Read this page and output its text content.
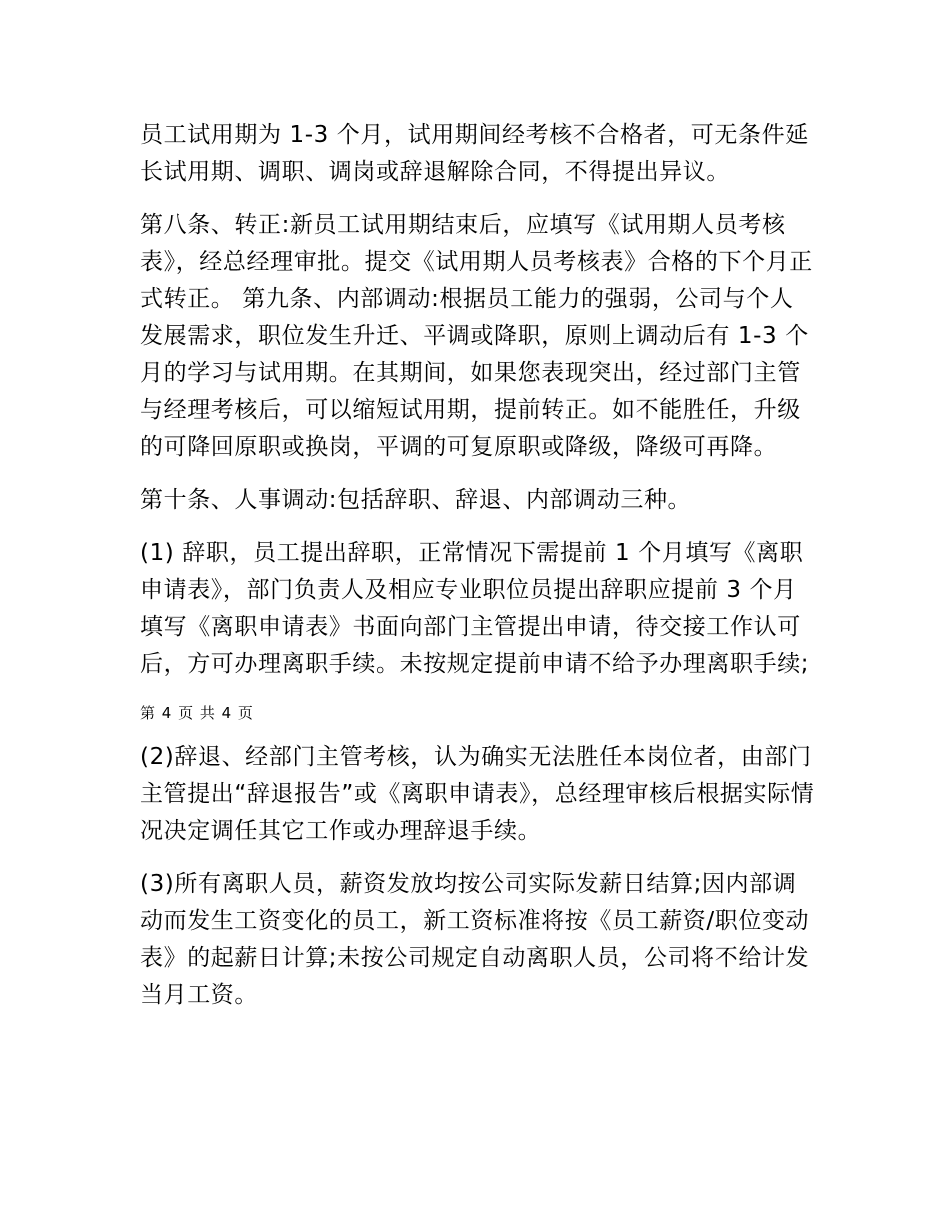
员工试用期为 1-3 个月，试用期间经考核不合格者，可无条件延长试用期、调职、调岗或辞退解除合同，不得提出异议。

第八条、转正:新员工试用期结束后，应填写《试用期人员考核表》，经总经理审批。提交《试用期人员考核表》合格的下个月正式转正。 第九条、内部调动:根据员工能力的强弱，公司与个人发展需求，职位发生升迁、平调或降职，原则上调动后有 1-3 个月的学习与试用期。在其期间，如果您表现突出，经过部门主管与经理考核后，可以缩短试用期，提前转正。如不能胜任，升级的可降回原职或换岗，平调的可复原职或降级，降级可再降。

第十条、人事调动:包括辞职、辞退、内部调动三种。

(1) 辞职，员工提出辞职，正常情况下需提前 1 个月填写《离职申请表》，部门负责人及相应专业职位员提出辞职应提前 3 个月填写《离职申请表》书面向部门主管提出申请，待交接工作认可后，方可办理离职手续。未按规定提前申请不给予办理离职手续;

第 4 页 共 4 页

(2)辞退、经部门主管考核，认为确实无法胜任本岗位者，由部门主管提出“辞退报告”或《离职申请表》，总经理审核后根据实际情况决定调任其它工作或办理辞退手续。

(3)所有离职人员，薪资发放均按公司实际发薪日结算;因内部调动而发生工资变化的员工，新工资标准将按《员工薪资/职位变动表》的起薪日计算;未按公司规定自动离职人员，公司将不给计发当月工资。
